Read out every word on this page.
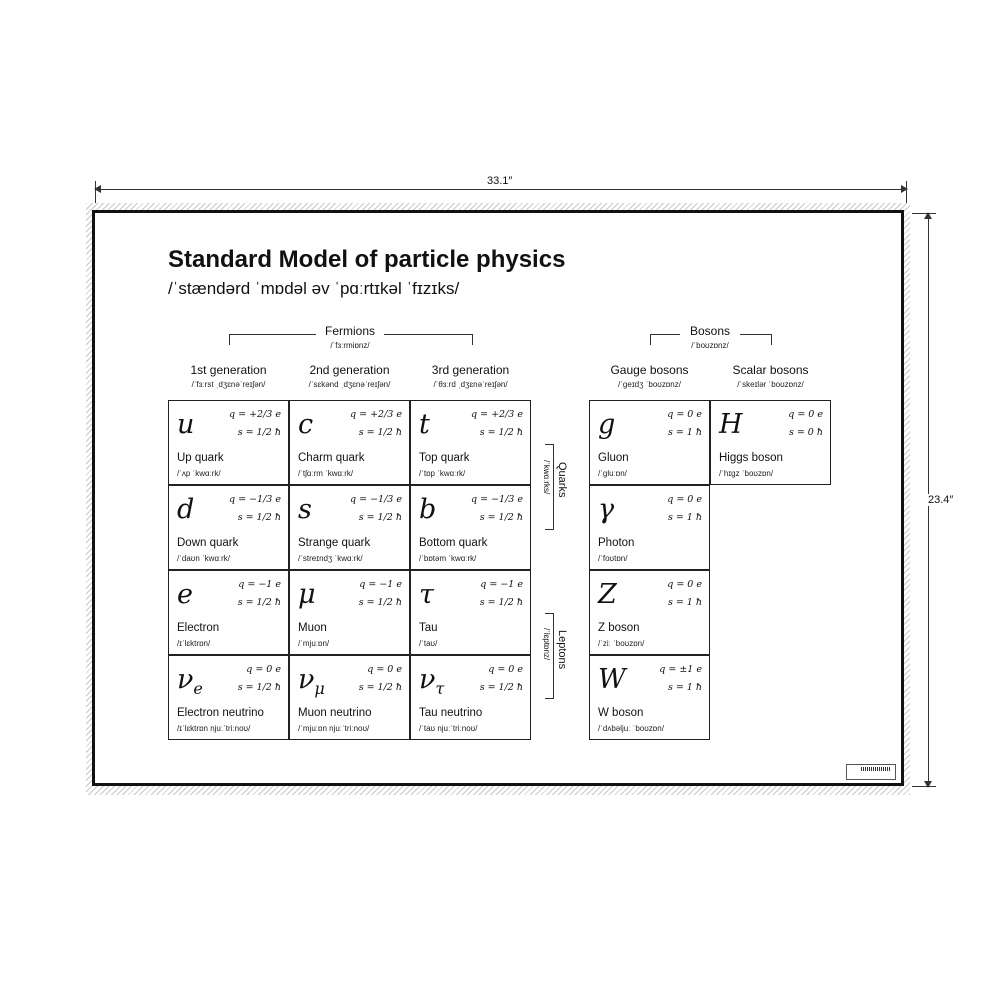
33.1″
23.4″
Standard Model of particle physics
/ˈstændərd ˈmɒdəl əv ˈpɑːrtɪkəl ˈfɪzɪks/
Fermions
/ˈfɜːrmiɒnz/
Bosons
/ˈboʊzɒnz/
1st generation
/ˈfɜːrst ˌdʒɛnəˈreɪʃən/
2nd generation
/ˈsɛkənd ˌdʒɛnəˈreɪʃən/
3rd generation
/ˈθɜːrd ˌdʒɛnəˈreɪʃən/
Gauge bosons
/ˈɡeɪdʒ ˈboʊzɒnz/
Scalar bosons
/ˈskeɪlər ˈboʊzɒnz/
Quarks
/ˈkwɑːrks/
Leptons
/ˈlɛptɒnz/
u	q = +2/3 e
s = 1/2 ħ
Up quark
/ˈʌp ˈkwɑːrk/
c	q = +2/3 e
s = 1/2 ħ
Charm quark
/ˈtʃɑːrm ˈkwɑːrk/
t	q = +2/3 e
s = 1/2 ħ
Top quark
/ˈtɒp ˈkwɑːrk/
d	q = −1/3 e
s = 1/2 ħ
Down quark
/ˈdaʊn ˈkwɑːrk/
s	q = −1/3 e
s = 1/2 ħ
Strange quark
/ˈstreɪndʒ ˈkwɑːrk/
b	q = −1/3 e
s = 1/2 ħ
Bottom quark
/ˈbɒtəm ˈkwɑːrk/
e	q = −1 e
s = 1/2 ħ
Electron
/ɪˈlɛktrɒn/
μ	q = −1 e
s = 1/2 ħ
Muon
/ˈmjuːɒn/
τ	q = −1 e
s = 1/2 ħ
Tau
/ˈtaʊ/
$\nu_e$
q = 0 e
s = 1/2 ħ
Electron neutrino
/ɪˈlɛktrɒn njuːˈtriːnoʊ/
$\nu_\mu$
q = 0 e
s = 1/2 ħ
Muon neutrino
/ˈmjuːɒn njuːˈtriːnoʊ/
$\nu_\tau$
q = 0 e
s = 1/2 ħ
Tau neutrino
/ˈtaʊ njuːˈtriːnoʊ/
g	q = 0 e
s = 1 ħ
Gluon
/ˈɡluːɒn/
H	q = 0 e
s = 0 ħ
Higgs boson
/ˈhɪɡz ˈboʊzɒn/
γ	q = 0 e
s = 1 ħ
Photon
/ˈfoʊtɒn/
Z	q = 0 e
s = 1 ħ
Z boson
/ˈziː ˈboʊzɒn/
W	q = ±1 e
s = 1 ħ
W boson
/ˈdʌbəljuː ˈboʊzɒn/
